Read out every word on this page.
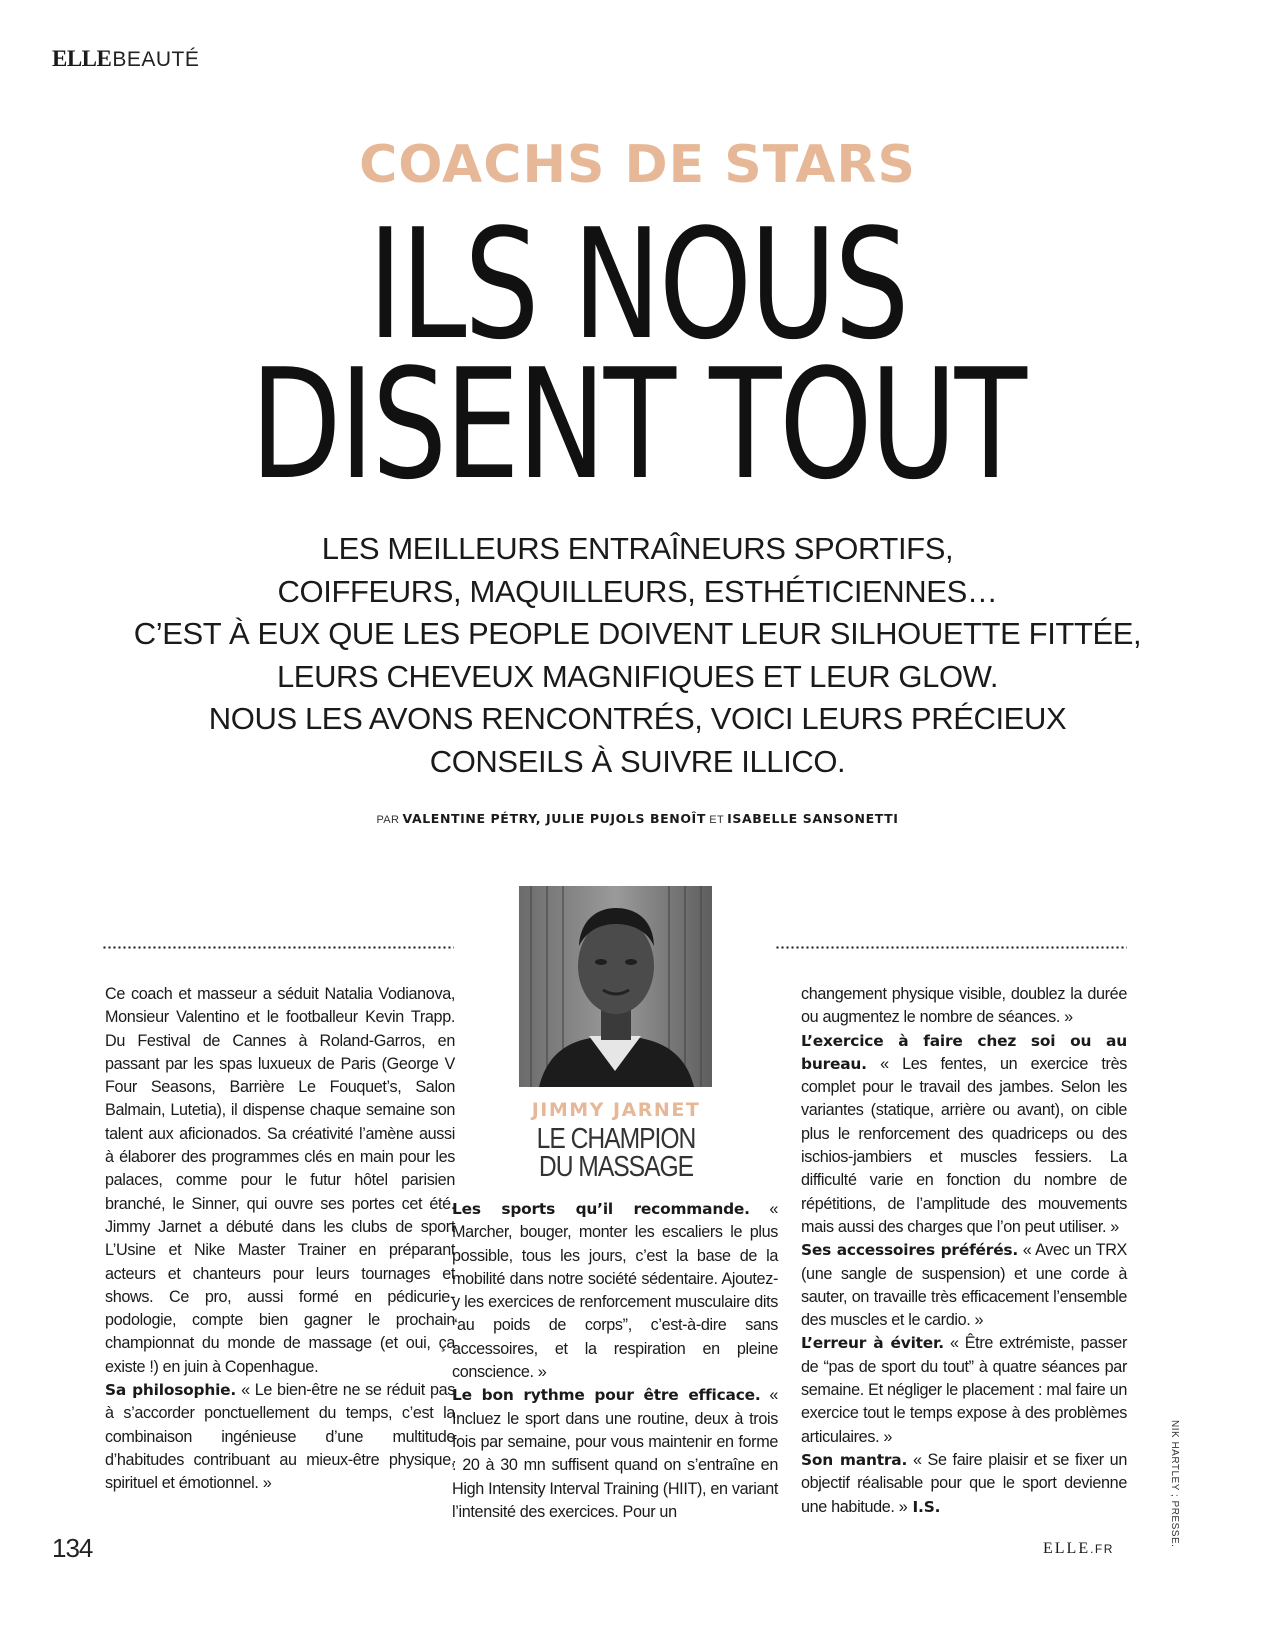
ELLEBEAUTÉ
COACHS DE STARS
ILS NOUS
DISENT TOUT
LES MEILLEURS ENTRAÎNEURS SPORTIFS,
COIFFEURS, MAQUILLEURS, ESTHÉTICIENNES…
C’EST À EUX QUE LES PEOPLE DOIVENT LEUR SILHOUETTE FITTÉE,
LEURS CHEVEUX MAGNIFIQUES ET LEUR GLOW.
NOUS LES AVONS RENCONTRÉS, VOICI LEURS PRÉCIEUX
CONSEILS À SUIVRE ILLICO.
PAR VALENTINE PÉTRY, JULIE PUJOLS BENOÎT ET ISABELLE SANSONETTI
JIMMY JARNET
LE CHAMPION
DU MASSAGE

Ce coach et masseur a séduit Natalia Vodianova, Monsieur Valentino et le footballeur Kevin Trapp. Du Festival de Cannes à Roland-Garros, en passant par les spas luxueux de Paris (George V Four Seasons, Barrière Le Fouquet’s, Salon Balmain, Lutetia), il dispense chaque semaine son talent aux aficionados. Sa créativité l’amène aussi à élaborer des programmes clés en main pour les palaces, comme pour le futur hôtel parisien branché, le Sinner, qui ouvre ses portes cet été. Jimmy Jarnet a débuté dans les clubs de sport L’Usine et Nike Master Trainer en préparant acteurs et chanteurs pour leurs tournages et shows. Ce pro, aussi formé en pédicurie-podologie, compte bien gagner le prochain championnat du monde de massage (et oui, ça existe !) en juin à Copenhague.

Sa philosophie. « Le bien-être ne se réduit pas à s’accorder ponctuellement du temps, c’est la combinaison ingénieuse d’une multitude d’habitudes contribuant au mieux-être physique, spirituel et émotionnel. »

Les sports qu’il recommande. « Marcher, bouger, monter les escaliers le plus possible, tous les jours, c’est la base de la mobilité dans notre société sédentaire. Ajoutez-y les exercices de renforcement musculaire dits “au poids de corps”, c’est-à-dire sans accessoires, et la respiration en pleine conscience. »

Le bon rythme pour être efficace. « Incluez le sport dans une routine, deux à trois fois par semaine, pour vous maintenir en forme : 20 à 30 mn suffisent quand on s’entraîne en High Intensity Interval Training (HIIT), en variant l’intensité des exercices. Pour un

changement physique visible, doublez la durée ou augmentez le nombre de séances. »

L’exercice à faire chez soi ou au bureau. « Les fentes, un exercice très complet pour le travail des jambes. Selon les variantes (statique, arrière ou avant), on cible plus le renforcement des quadriceps ou des ischios-jambiers et muscles fessiers. La difficulté varie en fonction du nombre de répétitions, de l’amplitude des mouvements mais aussi des charges que l’on peut utiliser. »

Ses accessoires préférés. « Avec un TRX (une sangle de suspension) et une corde à sauter, on travaille très efficacement l’ensemble des muscles et le cardio. »

L’erreur à éviter. « Être extrémiste, passer de “pas de sport du tout” à quatre séances par semaine. Et négliger le placement : mal faire un exercice tout le temps expose à des problèmes articulaires. »

Son mantra. « Se faire plaisir et se fixer un objectif réalisable pour que le sport devienne une habitude. » I.S.	NIK HARTLEY ; PRESSE.
134	ELLE.FR
